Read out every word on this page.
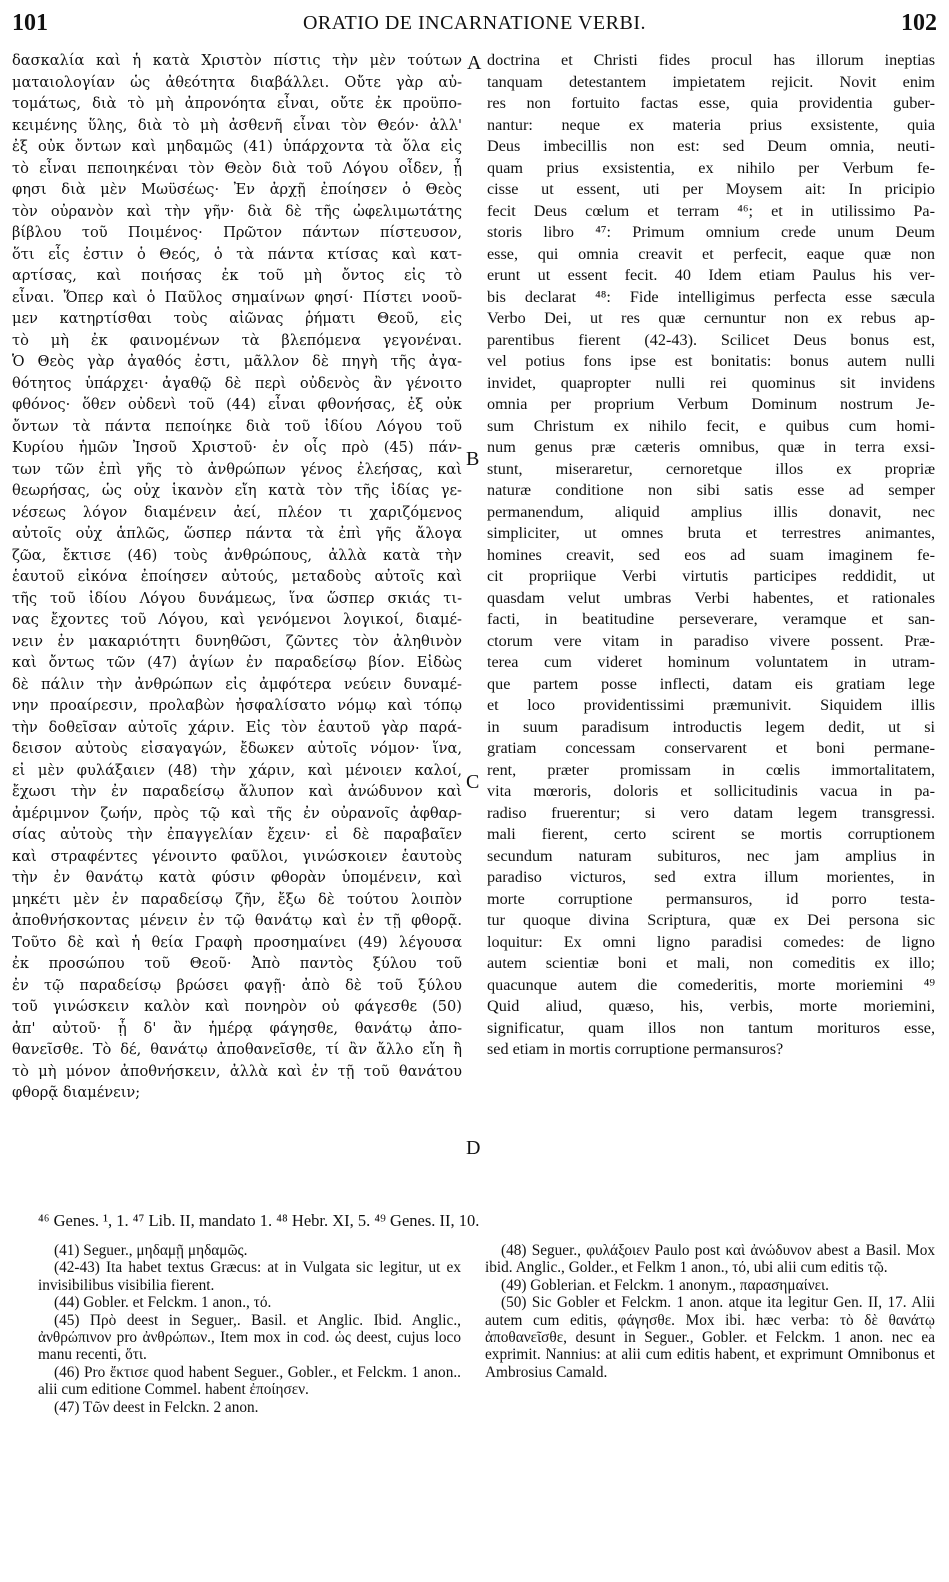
101	ORATIO DE INCARNATIONE VERBI.	102
δασκαλία καὶ ἡ κατὰ Χριστὸν πίστις τὴν μὲν τούτων
ματαιολογίαν ὡς ἀθεότητα διαβάλλει. Οὔτε γὰρ αὐ-
τομάτως, διὰ τὸ μὴ ἀπρονόητα εἶναι, οὔτε ἐκ προϋπο-
κειμένης ὕλης, διὰ τὸ μὴ ἀσθενῆ εἶναι τὸν Θεόν· ἀλλ'
ἐξ οὐκ ὄντων καὶ μηδαμῶς (41) ὑπάρχοντα τὰ ὅλα εἰς
τὸ εἶναι πεποιηκέναι τὸν Θεὸν διὰ τοῦ Λόγου οἶδεν, ᾗ
φησι διὰ μὲν Μωϋσέως· Ἐν ἀρχῇ ἐποίησεν ὁ Θεὸς
τὸν οὐρανὸν καὶ τὴν γῆν· διὰ δὲ τῆς ὠφελιμωτάτης
βίβλου τοῦ Ποιμένος· Πρῶτον πάντων πίστευσον,
ὅτι εἷς ἐστιν ὁ Θεός, ὁ τὰ πάντα κτίσας καὶ κατ-
αρτίσας, καὶ ποιήσας ἐκ τοῦ μὴ ὄντος εἰς τὸ
εἶναι. Ὅπερ καὶ ὁ Παῦλος σημαίνων φησί· Πίστει νοοῦ-
μεν κατηρτίσθαι τοὺς αἰῶνας ῥήματι Θεοῦ, εἰς
τὸ μὴ ἐκ φαινομένων τὰ βλεπόμενα γεγονέναι.
Ὁ Θεὸς γὰρ ἀγαθός ἐστι, μᾶλλον δὲ πηγὴ τῆς ἀγα-
θότητος ὑπάρχει· ἀγαθῷ δὲ περὶ οὐδενὸς ἂν γένοιτο
φθόνος· ὅθεν οὐδενὶ τοῦ (44) εἶναι φθονήσας, ἐξ οὐκ
ὄντων τὰ πάντα πεποίηκε διὰ τοῦ ἰδίου Λόγου τοῦ
Κυρίου ἡμῶν Ἰησοῦ Χριστοῦ· ἐν οἷς πρὸ (45) πάν-
των τῶν ἐπὶ γῆς τὸ ἀνθρώπων γένος ἐλεήσας, καὶ
θεωρήσας, ὡς οὐχ ἱκανὸν εἴη κατὰ τὸν τῆς ἰδίας γε-
νέσεως λόγον διαμένειν ἀεί, πλέον τι χαριζόμενος
αὐτοῖς οὐχ ἁπλῶς, ὥσπερ πάντα τὰ ἐπὶ γῆς ἄλογα
ζῶα, ἔκτισε (46) τοὺς ἀνθρώπους, ἀλλὰ κατὰ τὴν
ἑαυτοῦ εἰκόνα ἐποίησεν αὐτούς, μεταδοὺς αὐτοῖς καὶ
τῆς τοῦ ἰδίου Λόγου δυνάμεως, ἵνα ὥσπερ σκιάς τι-
νας ἔχοντες τοῦ Λόγου, καὶ γενόμενοι λογικοί, διαμέ-
νειν ἐν μακαριότητι δυνηθῶσι, ζῶντες τὸν ἀληθινὸν
καὶ ὄντως τῶν (47) ἁγίων ἐν παραδείσῳ βίον. Εἰδὼς
δὲ πάλιν τὴν ἀνθρώπων εἰς ἀμφότερα νεύειν δυναμέ-
νην προαίρεσιν, προλαβὼν ἠσφαλίσατο νόμῳ καὶ τόπῳ
τὴν δοθεῖσαν αὐτοῖς χάριν. Εἰς τὸν ἑαυτοῦ γὰρ παρά-
δεισον αὐτοὺς εἰσαγαγών, ἔδωκεν αὐτοῖς νόμον· ἵνα,
εἰ μὲν φυλάξαιεν (48) τὴν χάριν, καὶ μένοιεν καλοί,
ἔχωσι τὴν ἐν παραδείσῳ ἄλυπον καὶ ἀνώδυνον καὶ
ἀμέριμνον ζωήν, πρὸς τῷ καὶ τῆς ἐν οὐρανοῖς ἀφθαρ-
σίας αὐτοὺς τὴν ἐπαγγελίαν ἔχειν· εἰ δὲ παραβαῖεν
καὶ στραφέντες γένοιντο φαῦλοι, γινώσκοιεν ἑαυτοὺς
τὴν ἐν θανάτῳ κατὰ φύσιν φθορὰν ὑπομένειν, καὶ
μηκέτι μὲν ἐν παραδείσῳ ζῆν, ἔξω δὲ τούτου λοιπὸν
ἀποθνήσκοντας μένειν ἐν τῷ θανάτῳ καὶ ἐν τῇ φθορᾷ.
Τοῦτο δὲ καὶ ἡ θεία Γραφὴ προσημαίνει (49) λέγουσα
ἐκ προσώπου τοῦ Θεοῦ· Ἀπὸ παντὸς ξύλου τοῦ
ἐν τῷ παραδείσῳ βρώσει φαγῇ· ἀπὸ δὲ τοῦ ξύλου
τοῦ γινώσκειν καλὸν καὶ πονηρὸν οὐ φάγεσθε (50)
ἀπ' αὐτοῦ· ᾗ δ' ἂν ἡμέρᾳ φάγησθε, θανάτῳ ἀπο-
θανεῖσθε. Τὸ δέ, θανάτῳ ἀποθανεῖσθε, τί ἂν ἄλλο εἴη ἢ
τὸ μὴ μόνον ἀποθνήσκειν, ἀλλὰ καὶ ἐν τῇ τοῦ θανάτου
φθορᾷ διαμένειν;
doctrina et Christi fides procul has illorum ineptias
tanquam detestantem impietatem rejicit. Novit enim
res non fortuito factas esse, quia providentia guber-
nantur: neque ex materia prius exsistente, quia
Deus imbecillis non est: sed Deum omnia, neuti-
quam prius exsistentia, ex nihilo per Verbum fe-
cisse ut essent, uti per Moysem ait: In pricipio
fecit Deus cœlum et terram ⁴⁶; et in utilissimo Pa-
storis libro ⁴⁷: Primum omnium crede unum Deum
esse, qui omnia creavit et perfecit, eaque quæ non
erunt ut essent fecit. 40 Idem etiam Paulus his ver-
bis declarat ⁴⁸: Fide intelligimus perfecta esse sæcula
Verbo Dei, ut res quæ cernuntur non ex rebus ap-
parentibus fierent (42-43). Scilicet Deus bonus est,
vel potius fons ipse est bonitatis: bonus autem nulli
invidet, quapropter nulli rei quominus sit invidens
omnia per proprium Verbum Dominum nostrum Je-
sum Christum ex nihilo fecit, e quibus cum homi-
num genus præ cæteris omnibus, quæ in terra exsi-
stunt, miseraretur, cernoretque illos ex propriæ
naturæ conditione non sibi satis esse ad semper
permanendum, aliquid amplius illis donavit, nec
simpliciter, ut omnes bruta et terrestres animantes,
homines creavit, sed eos ad suam imaginem fe-
cit propriique Verbi virtutis participes reddidit, ut
quasdam velut umbras Verbi habentes, et rationales
facti, in beatitudine perseverare, veramque et san-
ctorum vere vitam in paradiso vivere possent. Præ-
terea cum videret hominum voluntatem in utram-
que partem posse inflecti, datam eis gratiam lege
et loco providentissimi præmunivit. Siquidem illis
in suum paradisum introductis legem dedit, ut si
gratiam concessam conservarent et boni permane-
rent, præter promissam in cœlis immortalitatem,
vita mœroris, doloris et sollicitudinis vacua in pa-
radiso fruerentur; si vero datam legem transgressi.
mali fierent, certo scirent se mortis corruptionem
secundum naturam subituros, nec jam amplius in
paradiso victuros, sed extra illum morientes, in
morte corruptione permansuros, id porro testa-
tur quoque divina Scriptura, quæ ex Dei persona sic
loquitur: Ex omni ligno paradisi comedes: de ligno
autem scientiæ boni et mali, non comeditis ex illo;
quacunque autem die comederitis, morte moriemini ⁴⁹
Quid aliud, quæso, his, verbis, morte moriemini,
significatur, quam illos non tantum morituros esse,
sed etiam in mortis corruptione permansuros?
A
B
C
D
⁴⁶ Genes. ¹, 1. ⁴⁷ Lib. II, mandato 1. ⁴⁸ Hebr. XI, 5. ⁴⁹ Genes. II, 10.

(41) Seguer., μηδαμῇ μηδαμῶς.

(42-43) Ita habet textus Græcus: at in Vulgata sic legitur, ut ex invisibilibus visibilia fierent.

(44) Gobler. et Felckm. 1 anon., τό.

(45) Πρὸ deest in Seguer,. Basil. et Anglic. Ibid. Anglic., ἀνθρώπινον pro ἀνθρώπων., Item mox in cod. ὡς deest, cujus loco manu recenti, ὅτι.

(46) Pro ἔκτισε quod habent Seguer., Gobler., et Felckm. 1 anon.. alii cum editione Commel. habent ἐποίησεν.

(47) Τῶν deest in Felckn. 2 anon.

(48) Seguer., φυλάξοιεν Paulo post καὶ ἀνώδυνον abest a Basil. Mox ibid. Anglic., Golder., et Felkm 1 anon., τό, ubi alii cum editis τῷ.

(49) Goblerian. et Felckm. 1 anonym., παρασημαίνει.

(50) Sic Gobler et Felckm. 1 anon. atque ita legitur Gen. II, 17. Alii autem cum editis, φάγησθε. Mox ibi. hæc verba: τὸ δὲ θανάτῳ ἀποθανεῖσθε, desunt in Seguer., Gobler. et Felckm. 1 anon. nec ea exprimit. Nannius: at alii cum editis habent, et exprimunt Omnibonus et Ambrosius Camald.
